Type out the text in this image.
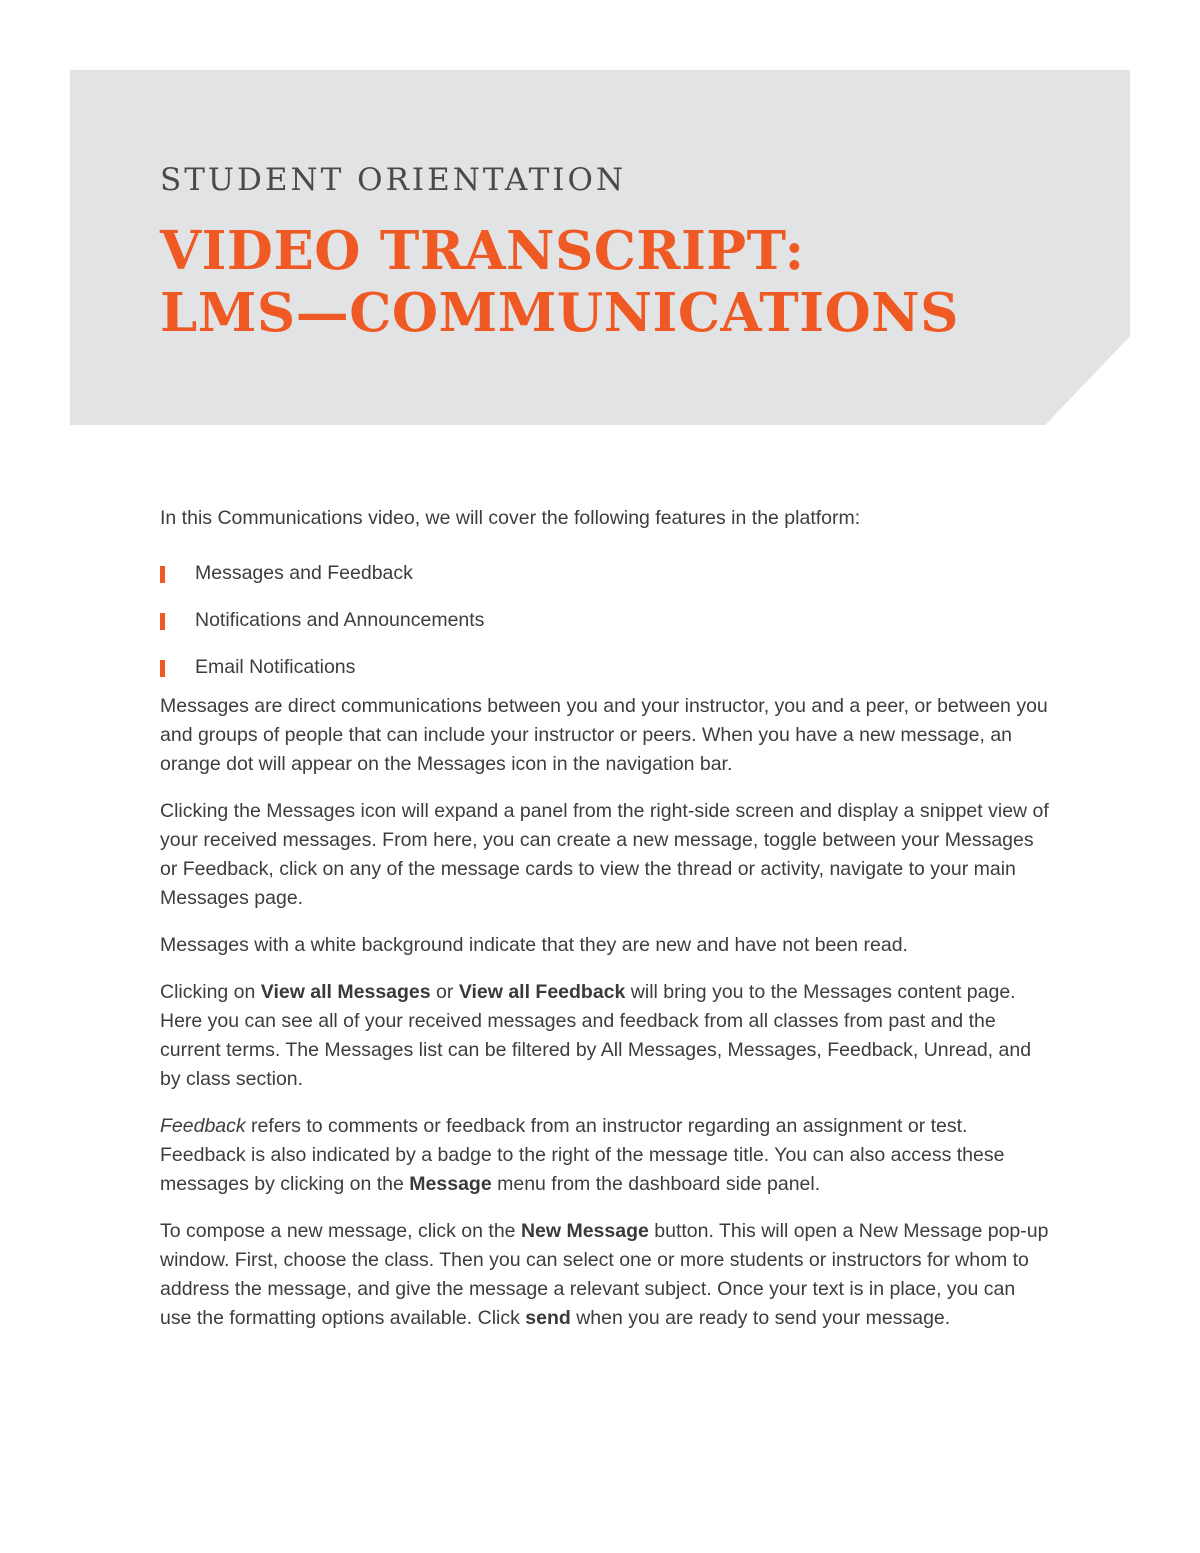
STUDENT ORIENTATION
VIDEO TRANSCRIPT:
LMS—COMMUNICATIONS

In this Communications video, we will cover the following features in the platform:

Messages and Feedback
Notifications and Announcements
Email Notifications

Messages are direct communications between you and your instructor, you and a peer, or between you and groups of people that can include your instructor or peers. When you have a new message, an orange dot will appear on the Messages icon in the navigation bar.

Clicking the Messages icon will expand a panel from the right-side screen and display a snippet view of your received messages. From here, you can create a new message, toggle between your Messages or Feedback, click on any of the message cards to view the thread or activity, navigate to your main Messages page.

Messages with a white background indicate that they are new and have not been read.

Clicking on View all Messages or View all Feedback will bring you to the Messages content page. Here you can see all of your received messages and feedback from all classes from past and the current terms. The Messages list can be filtered by All Messages, Messages, Feedback, Unread, and by class section.

Feedback refers to comments or feedback from an instructor regarding an assignment or test. Feedback is also indicated by a badge to the right of the message title. You can also access these messages by clicking on the Message menu from the dashboard side panel.

To compose a new message, click on the New Message button. This will open a New Message pop-up window. First, choose the class. Then you can select one or more students or instructors for whom to address the message, and give the message a relevant subject. Once your text is in place, you can use the formatting options available. Click send when you are ready to send your message.
